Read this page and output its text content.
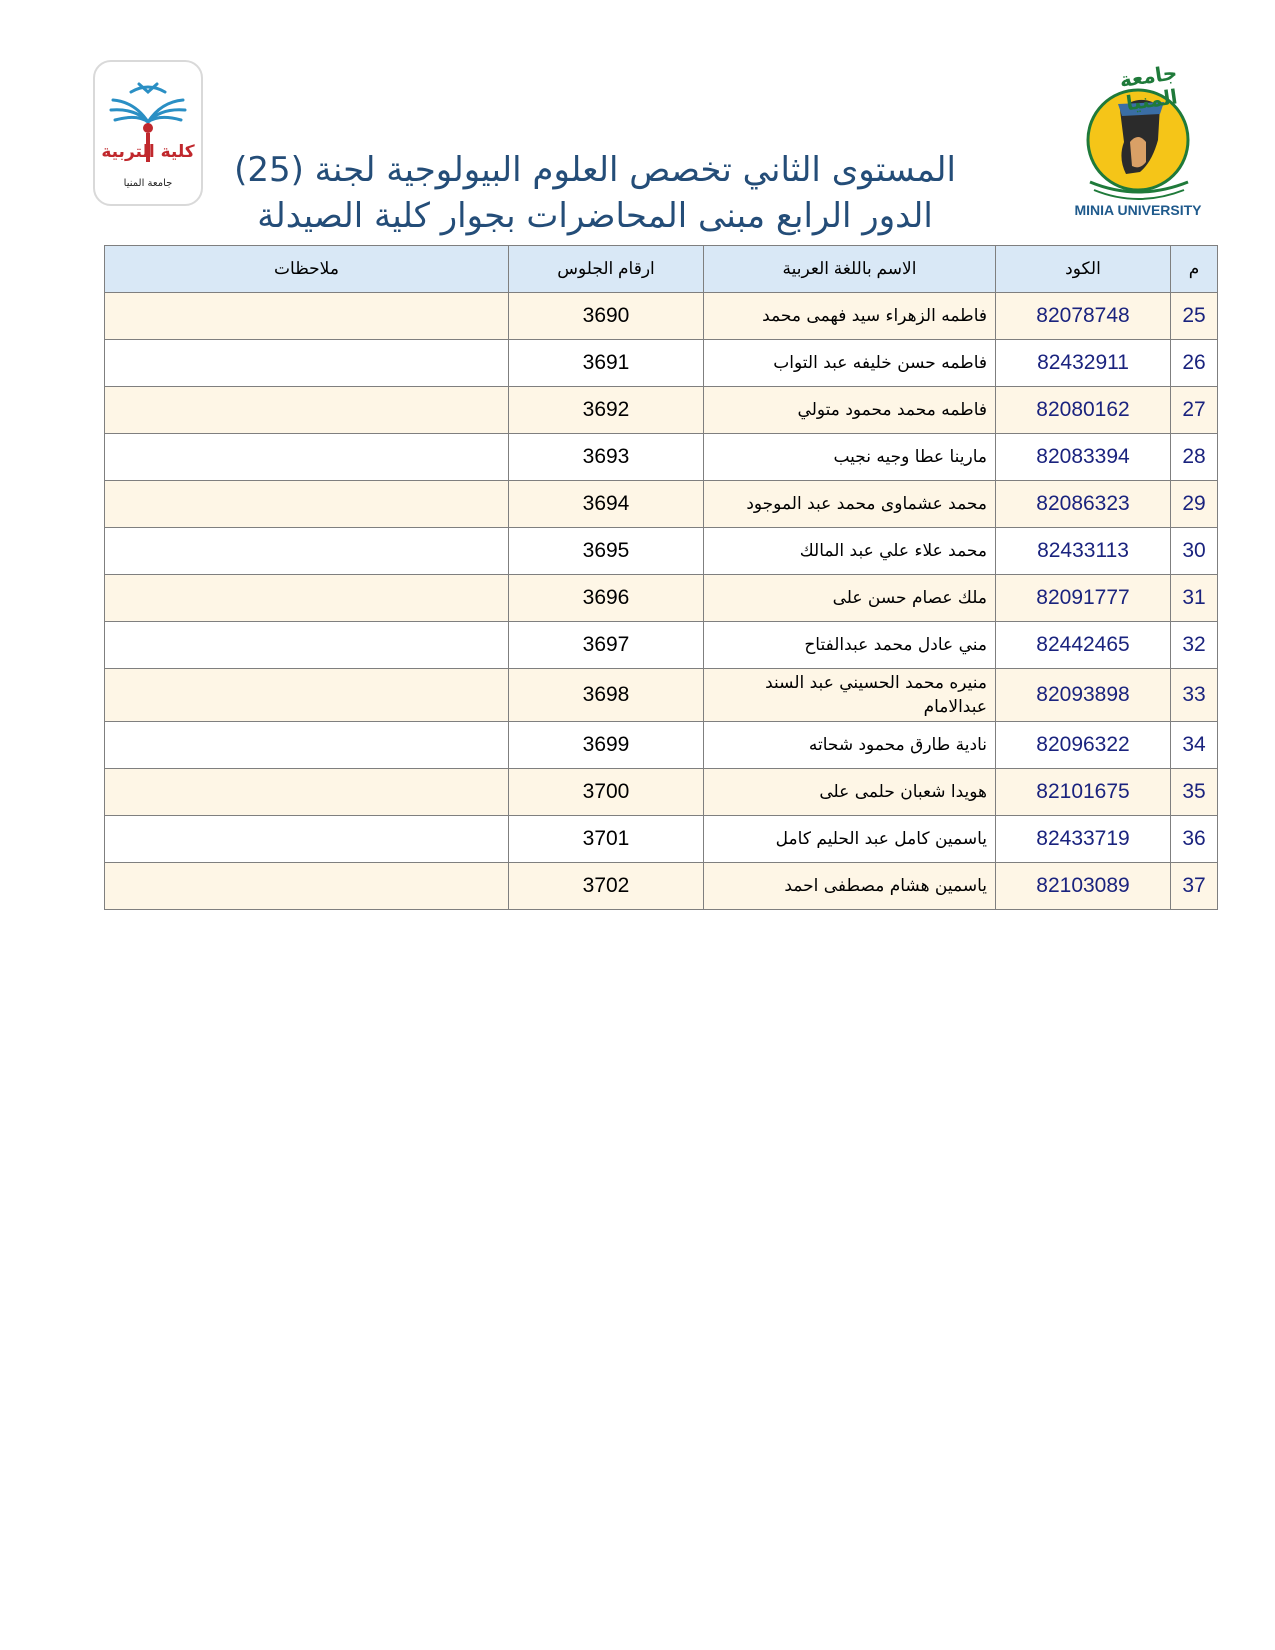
كلية التربية
جامعة المنيا
جامعة المنيا
MINIA UNIVERSITY
المستوى الثاني تخصص العلوم البيولوجية لجنة (25)
الدور الرابع مبنى المحاضرات بجوار كلية الصيدلة
م	الكود	الاسم باللغة العربية	ارقام الجلوس	ملاحظات
25	82078748	فاطمه الزهراء سيد فهمى محمد	3690	
26	82432911	فاطمه حسن خليفه عبد التواب	3691	
27	82080162	فاطمه محمد محمود متولي	3692	
28	82083394	مارينا عطا وجيه نجيب	3693	
29	82086323	محمد عشماوى محمد عبد الموجود	3694	
30	82433113	محمد علاء علي عبد المالك	3695	
31	82091777	ملك عصام حسن على	3696	
32	82442465	مني عادل محمد عبدالفتاح	3697	
33	82093898	منيره محمد الحسيني عبد السند عبدالامام	3698	
34	82096322	نادية طارق محمود شحاته	3699	
35	82101675	هويدا شعبان حلمى على	3700	
36	82433719	ياسمين كامل عبد الحليم كامل	3701	
37	82103089	ياسمين هشام مصطفى احمد	3702	
